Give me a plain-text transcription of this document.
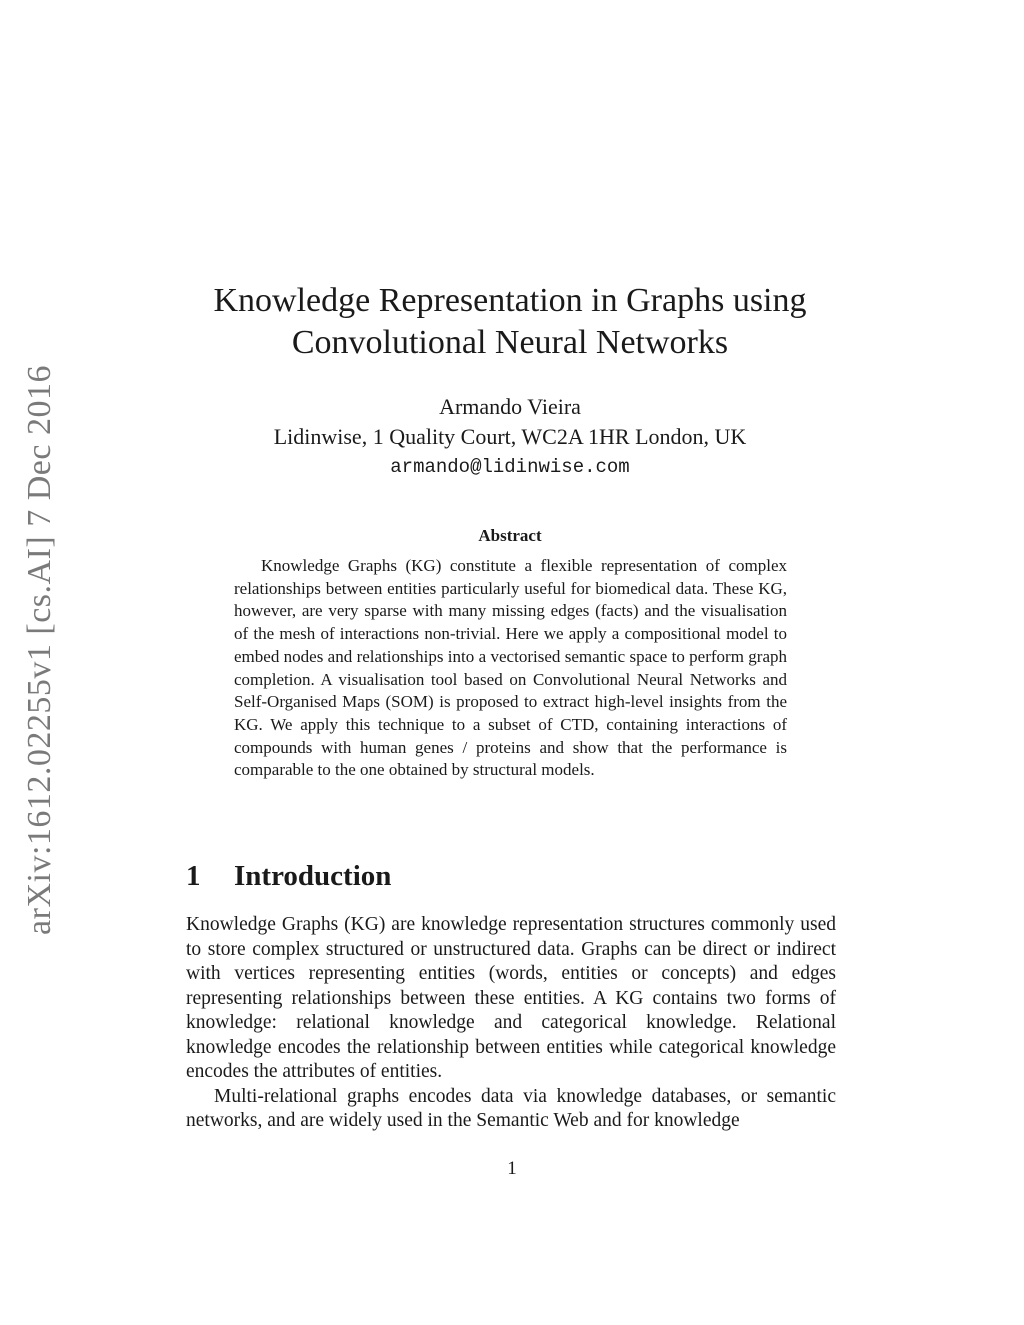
arXiv:1612.02255v1 [cs.AI] 7 Dec 2016
Knowledge Representation in Graphs using
Convolutional Neural Networks
Armando Vieira
Lidinwise, 1 Quality Court, WC2A 1HR London, UK
armando@lidinwise.com
Abstract
Knowledge Graphs (KG) constitute a flexible representation of complex relationships between entities particularly useful for biomedical data. These KG, however, are very sparse with many missing edges (facts) and the visualisation of the mesh of interactions non-trivial. Here we apply a compositional model to embed nodes and relationships into a vectorised semantic space to perform graph completion. A visualisation tool based on Convolutional Neural Networks and Self-Organised Maps (SOM) is proposed to extract high-level insights from the KG. We apply this technique to a subset of CTD, containing interactions of compounds with human genes / proteins and show that the performance is comparable to the one obtained by structural models.
1 Introduction

Knowledge Graphs (KG) are knowledge representation structures commonly used to store complex structured or unstructured data. Graphs can be direct or indirect with vertices representing entities (words, entities or concepts) and edges representing relationships between these entities. A KG contains two forms of knowledge: relational knowledge and categorical knowledge. Relational knowledge encodes the relationship between entities while categorical knowledge encodes the attributes of entities.

Multi-relational graphs encodes data via knowledge databases, or semantic networks, and are widely used in the Semantic Web and for knowledge

1
